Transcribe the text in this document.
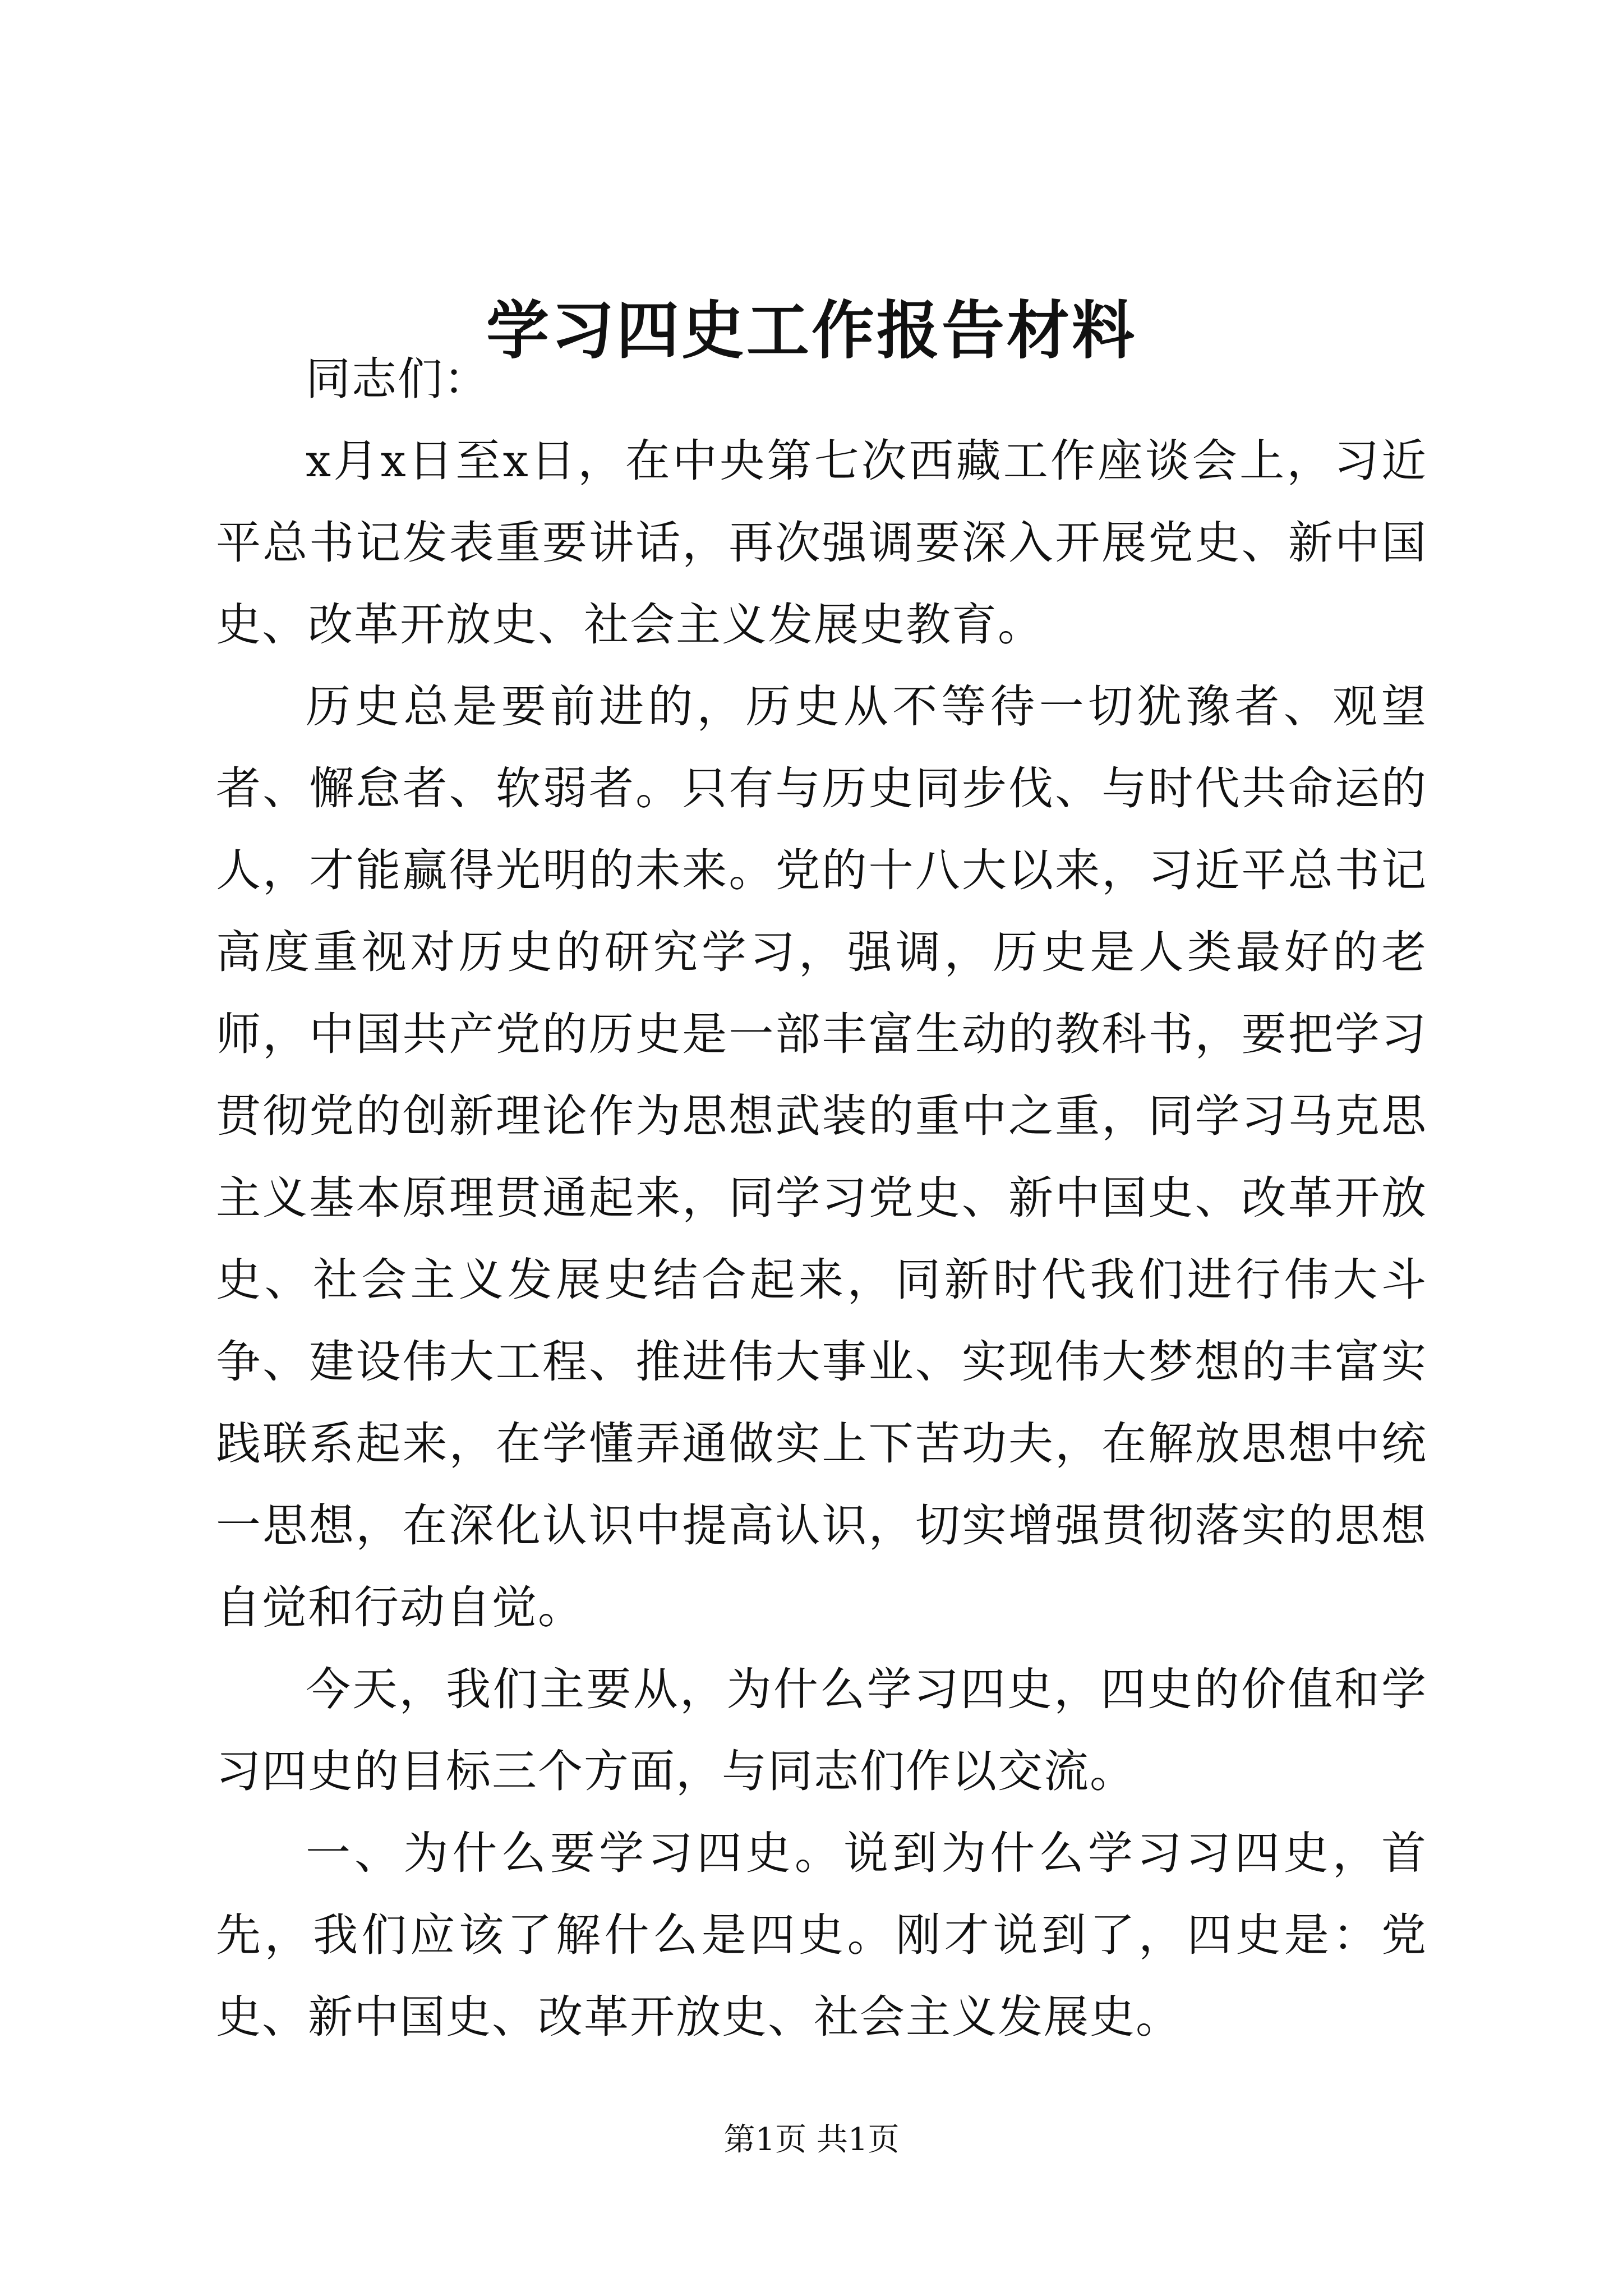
学习四史工作报告材料

同志们：

x月x日至x日，在中央第七次西藏工作座谈会上，习近平总书记发表重要讲话，再次强调要深入开展党史、新中国史、改革开放史、社会主义发展史教育。

历史总是要前进的，历史从不等待一切犹豫者、观望者、懈怠者、软弱者。只有与历史同步伐、与时代共命运的人，才能赢得光明的未来。党的十八大以来，习近平总书记高度重视对历史的研究学习，强调，历史是人类最好的老师，中国共产党的历史是一部丰富生动的教科书，要把学习贯彻党的创新理论作为思想武装的重中之重，同学习马克思主义基本原理贯通起来，同学习党史、新中国史、改革开放史、社会主义发展史结合起来，同新时代我们进行伟大斗争、建设伟大工程、推进伟大事业、实现伟大梦想的丰富实践联系起来，在学懂弄通做实上下苦功夫，在解放思想中统一思想，在深化认识中提高认识，切实增强贯彻落实的思想自觉和行动自觉。

今天，我们主要从，为什么学习四史，四史的价值和学习四史的目标三个方面，与同志们作以交流。

一、为什么要学习四史。说到为什么学习习四史，首先，我们应该了解什么是四史。刚才说到了，四史是：党史、新中国史、改革开放史、社会主义发展史。

第1页 共1页
